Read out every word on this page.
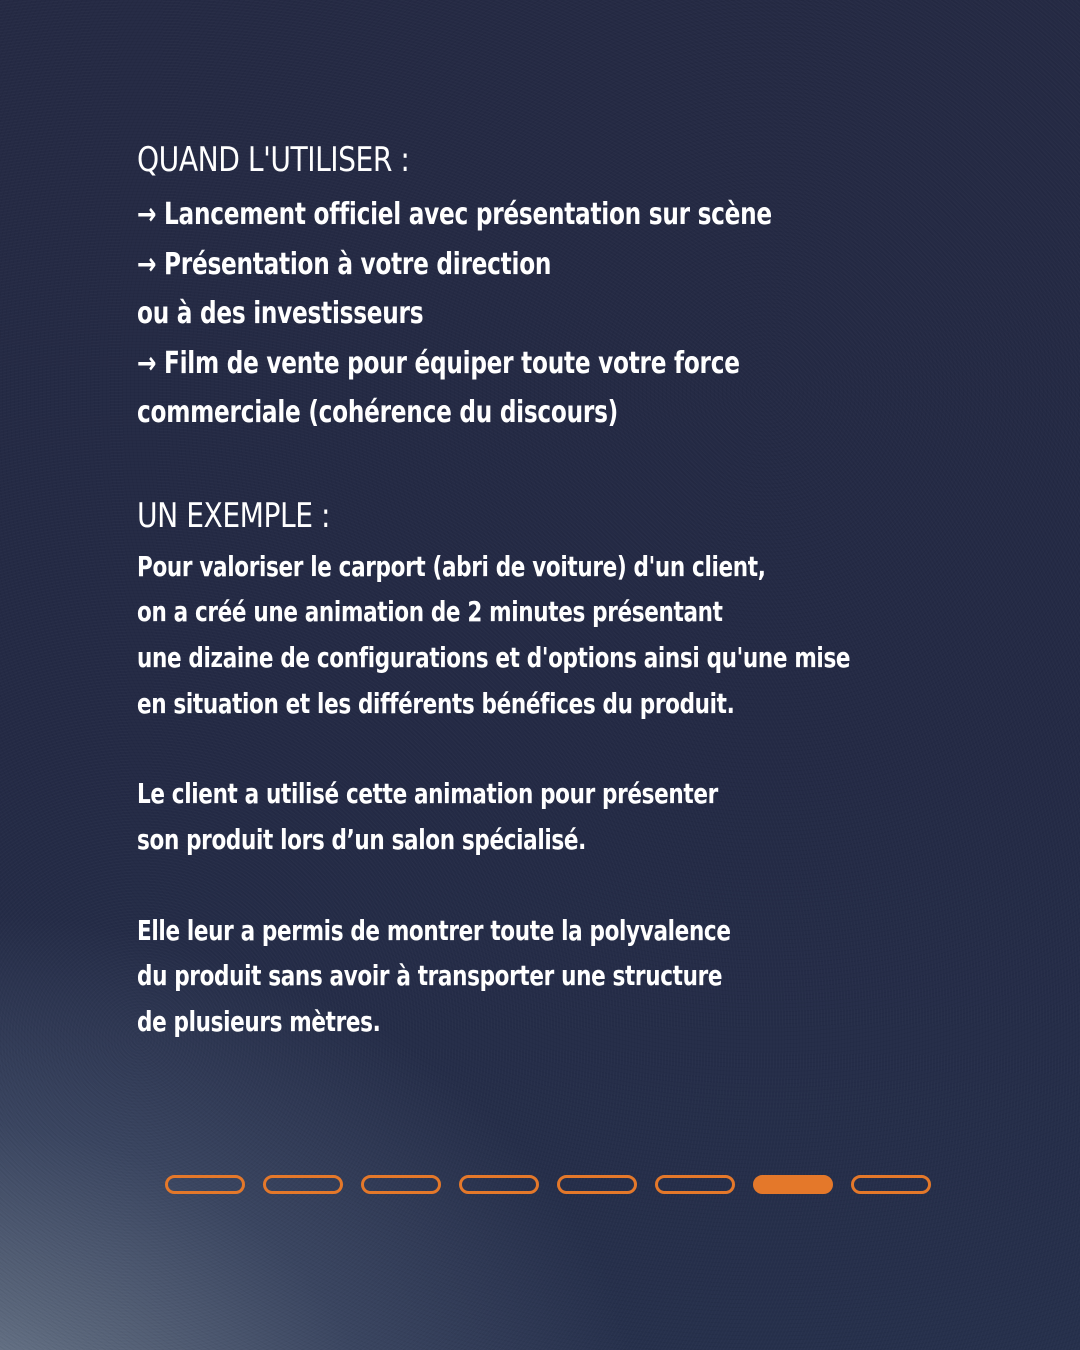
QUAND L'UTILISER :
→ Lancement officiel avec présentation sur scène
→ Présentation à votre direction
ou à des investisseurs
→ Film de vente pour équiper toute votre force
commerciale (cohérence du discours)
UN EXEMPLE :
Pour valoriser le carport (abri de voiture) d'un client,
on a créé une animation de 2 minutes présentant
une dizaine de configurations et d'options ainsi qu'une mise
en situation et les différents bénéfices du produit.
Le client a utilisé cette animation pour présenter
son produit lors d’un salon spécialisé.
Elle leur a permis de montrer toute la polyvalence
du produit sans avoir à transporter une structure
de plusieurs mètres.
